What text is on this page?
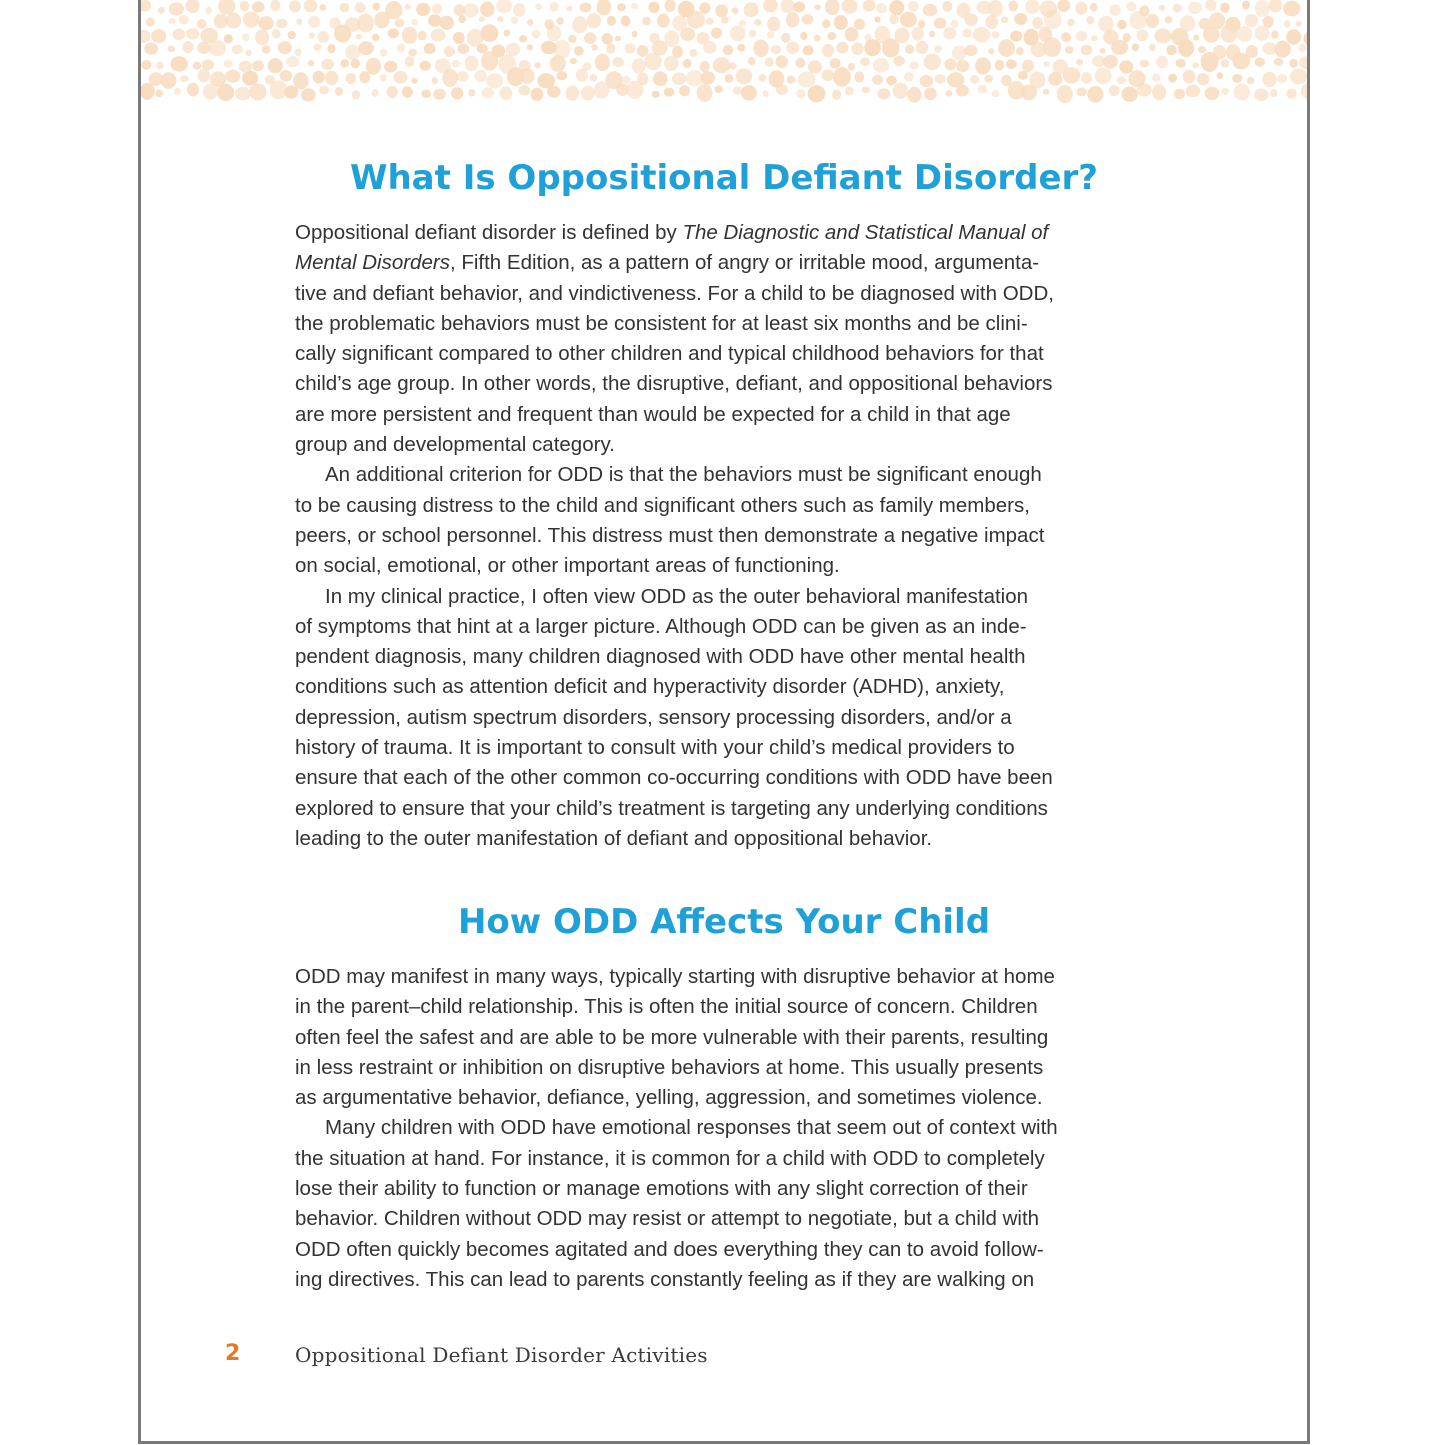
What Is Oppositional Defiant Disorder?

Oppositional defiant disorder is defined by The Diagnostic and Statistical Manual of
Mental Disorders, Fifth Edition, as a pattern of angry or irritable mood, argumenta-
tive and defiant behavior, and vindictiveness. For a child to be diagnosed with ODD,
the problematic behaviors must be consistent for at least six months and be clini-
cally significant compared to other children and typical childhood behaviors for that
child’s age group. In other words, the disruptive, defiant, and oppositional behaviors
are more persistent and frequent than would be expected for a child in that age
group and developmental category.

An additional criterion for ODD is that the behaviors must be significant enough
to be causing distress to the child and significant others such as family members,
peers, or school personnel. This distress must then demonstrate a negative impact
on social, emotional, or other important areas of functioning.

In my clinical practice, I often view ODD as the outer behavioral manifestation
of symptoms that hint at a larger picture. Although ODD can be given as an inde-
pendent diagnosis, many children diagnosed with ODD have other mental health
conditions such as attention deficit and hyperactivity disorder (ADHD), anxiety,
depression, autism spectrum disorders, sensory processing disorders, and/or a
history of trauma. It is important to consult with your child’s medical providers to
ensure that each of the other common co-occurring conditions with ODD have been
explored to ensure that your child’s treatment is targeting any underlying conditions
leading to the outer manifestation of defiant and oppositional behavior.

How ODD Affects Your Child

ODD may manifest in many ways, typically starting with disruptive behavior at home
in the parent–child relationship. This is often the initial source of concern. Children
often feel the safest and are able to be more vulnerable with their parents, resulting
in less restraint or inhibition on disruptive behaviors at home. This usually presents
as argumentative behavior, defiance, yelling, aggression, and sometimes violence.

Many children with ODD have emotional responses that seem out of context with
the situation at hand. For instance, it is common for a child with ODD to completely
lose their ability to function or manage emotions with any slight correction of their
behavior. Children without ODD may resist or attempt to negotiate, but a child with
ODD often quickly becomes agitated and does everything they can to avoid follow-
ing directives. This can lead to parents constantly feeling as if they are walking on

2	Oppositional Defiant Disorder Activities
